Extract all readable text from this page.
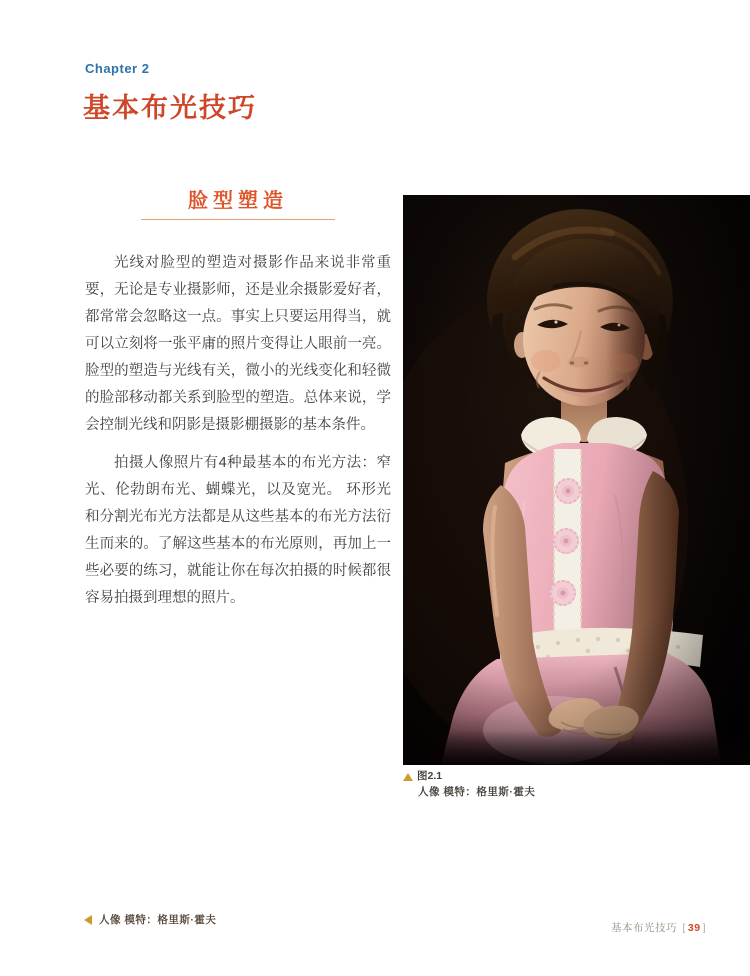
Chapter 2
基本布光技巧
脸型塑造

光线对脸型的塑造对摄影作品来说非常重要，无论是专业摄影师，还是业余摄影爱好者，都常常会忽略这一点。事实上只要运用得当，就可以立刻将一张平庸的照片变得让人眼前一亮。脸型的塑造与光线有关，微小的光线变化和轻微的脸部移动都关系到脸型的塑造。总体来说，学会控制光线和阴影是摄影棚摄影的基本条件。

拍摄人像照片有4种最基本的布光方法：窄光、伦勃朗布光、蝴蝶光，以及宽光。 环形光和分割光布光方法都是从这些基本的布光方法衍生而来的。了解这些基本的布光原则，再加上一些必要的练习，就能让你在每次拍摄的时候都很容易拍摄到理想的照片。

图2.1
人像 模特：格里斯·霍夫
人像 模特：格里斯·霍夫
基本布光技巧 [ 39 ]
